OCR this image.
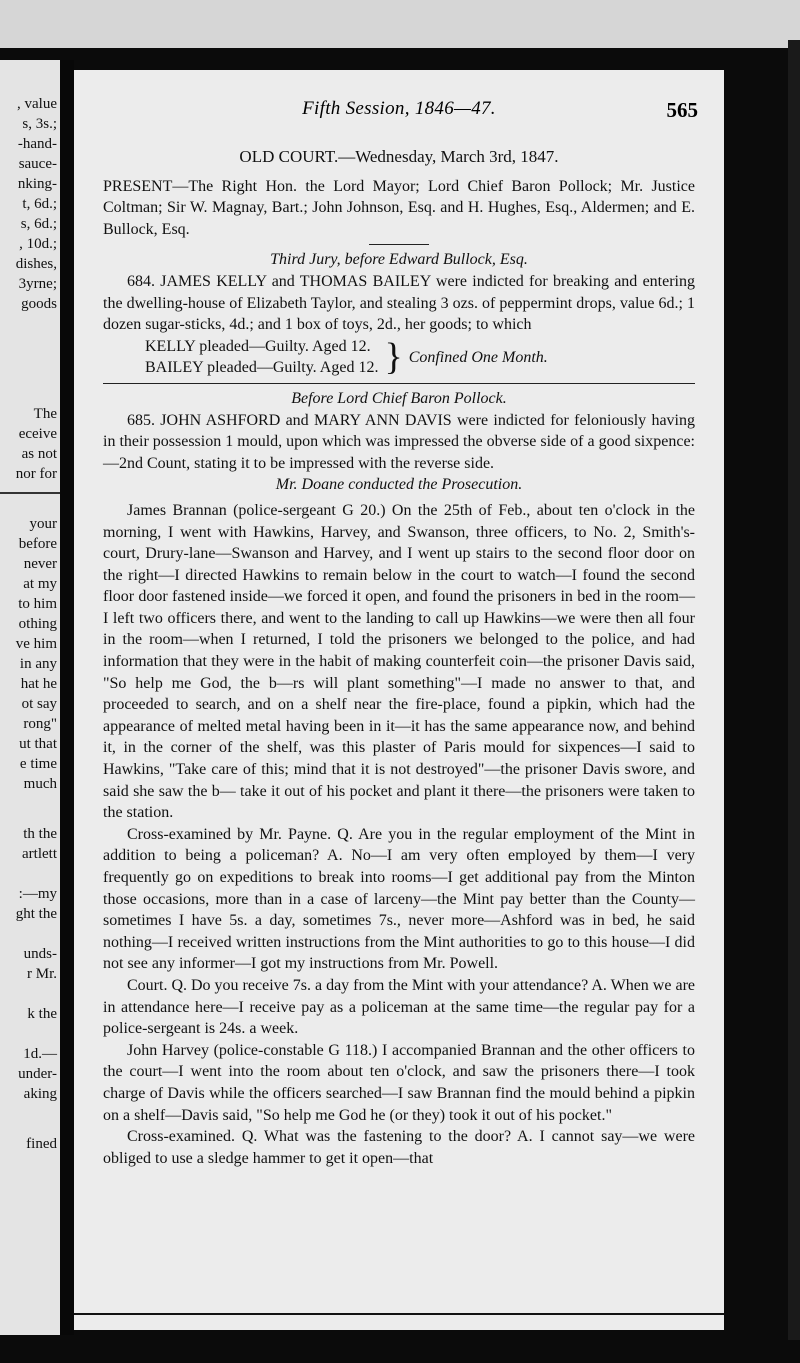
, value
s, 3s.;
-hand-
sauce-
nking-
t, 6d.;
s, 6d.;
, 10d.;
dishes,
3yrne;
goods
The
eceive
as not
nor for
your
before
never
at my
to him
othing
ve him
in any
hat he
ot say
rong"
ut that
e time
much
th the
artlett
:—my
ght the
unds-
r Mr.
k the
1d.—
under-
aking
fined
Fifth Session, 1846—47.	565
OLD COURT.—Wednesday, March 3rd, 1847.
PRESENT—The Right Hon. the Lord Mayor; Lord Chief Baron Pollock; Mr. Justice Coltman; Sir W. Magnay, Bart.; John Johnson, Esq. and H. Hughes, Esq., Aldermen; and E. Bullock, Esq.
Third Jury, before Edward Bullock, Esq.
684. JAMES KELLY and THOMAS BAILEY were indicted for breaking and entering the dwelling-house of Elizabeth Taylor, and stealing 3 ozs. of peppermint drops, value 6d.; 1 dozen sugar-sticks, 4d.; and 1 box of toys, 2d., her goods; to which
KELLY pleaded—Guilty. Aged 12.
BAILEY pleaded—Guilty. Aged 12. } Confined One Month.
Before Lord Chief Baron Pollock.
685. JOHN ASHFORD and MARY ANN DAVIS were indicted for feloniously having in their possession 1 mould, upon which was impressed the obverse side of a good sixpence:—2nd Count, stating it to be impressed with the reverse side.
Mr. Doane conducted the Prosecution.
James Brannan (police-sergeant G 20.) On the 25th of Feb., about ten o'clock in the morning, I went with Hawkins, Harvey, and Swanson, three officers, to No. 2, Smith's-court, Drury-lane—Swanson and Harvey, and I went up stairs to the second floor door on the right—I directed Hawkins to remain below in the court to watch—I found the second floor door fastened inside—we forced it open, and found the prisoners in bed in the room—I left two officers there, and went to the landing to call up Hawkins—we were then all four in the room—when I returned, I told the prisoners we belonged to the police, and had information that they were in the habit of making counterfeit coin—the prisoner Davis said, "So help me God, the b—rs will plant something"—I made no answer to that, and proceeded to search, and on a shelf near the fire-place, found a pipkin, which had the appearance of melted metal having been in it—it has the same appearance now, and behind it, in the corner of the shelf, was this plaster of Paris mould for sixpences—I said to Hawkins, "Take care of this; mind that it is not destroyed"—the prisoner Davis swore, and said she saw the b— take it out of his pocket and plant it there—the prisoners were taken to the station.
Cross-examined by Mr. Payne. Q. Are you in the regular employment of the Mint in addition to being a policeman? A. No—I am very often employed by them—I very frequently go on expeditions to break into rooms—I get additional pay from the Minton those occasions, more than in a case of larceny—the Mint pay better than the County—sometimes I have 5s. a day, sometimes 7s., never more—Ashford was in bed, he said nothing—I received written instructions from the Mint authorities to go to this house—I did not see any informer—I got my instructions from Mr. Powell.
Court. Q. Do you receive 7s. a day from the Mint with your attendance? A. When we are in attendance here—I receive pay as a policeman at the same time—the regular pay for a police-sergeant is 24s. a week.
John Harvey (police-constable G 118.) I accompanied Brannan and the other officers to the court—I went into the room about ten o'clock, and saw the prisoners there—I took charge of Davis while the officers searched—I saw Brannan find the mould behind a pipkin on a shelf—Davis said, "So help me God he (or they) took it out of his pocket."
Cross-examined. Q. What was the fastening to the door? A. I cannot say—we were obliged to use a sledge hammer to get it open—that
